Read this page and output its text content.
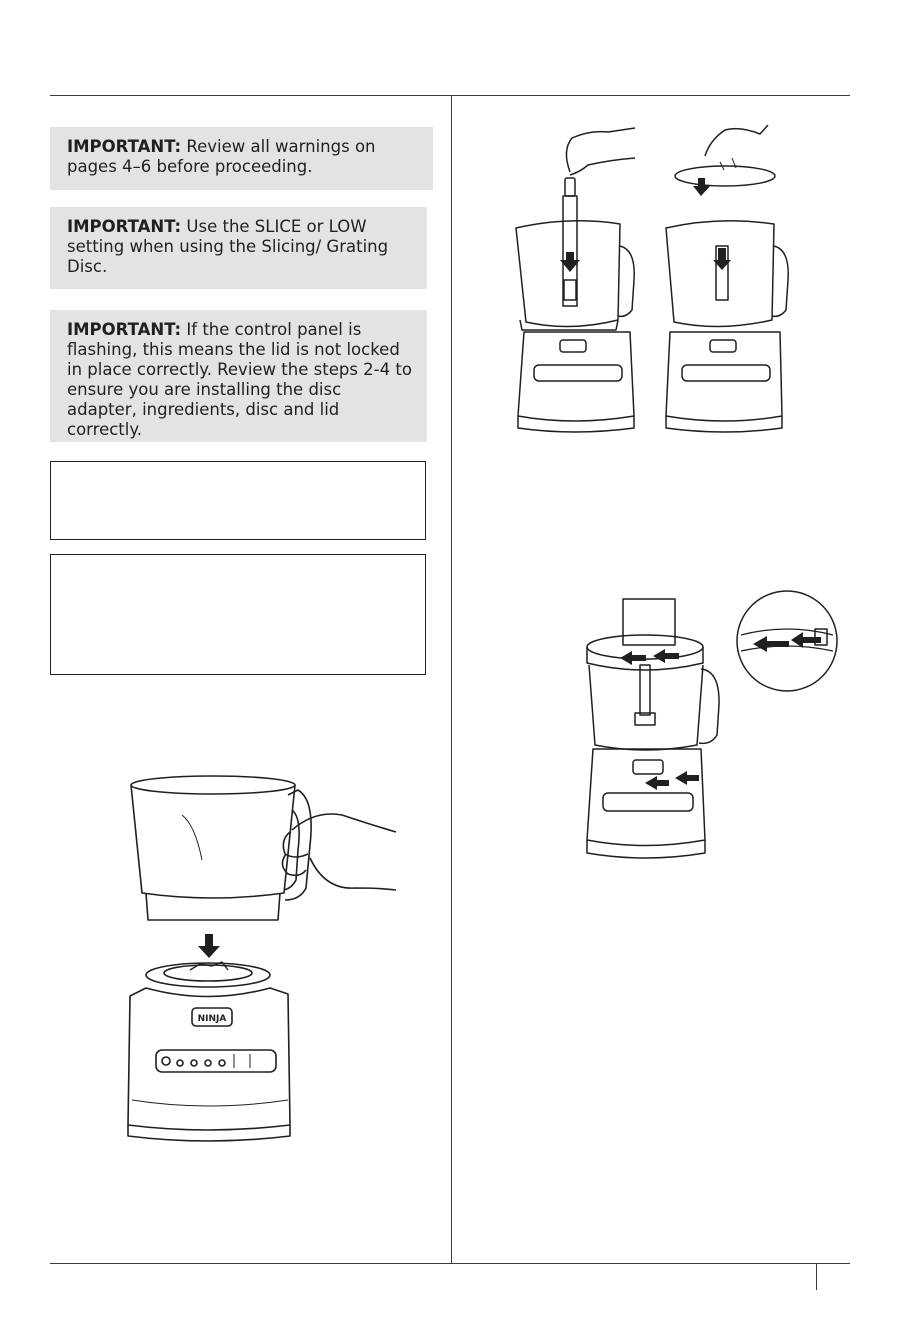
IMPORTANT: Review all warnings on pages 4–6 before proceeding.
IMPORTANT: Use the SLICE or LOW setting when using the Slicing/ Grating Disc.
IMPORTANT: If the control panel is flashing, this means the lid is not locked in place correctly. Review the steps 2-4 to ensure you are installing the disc adapter, ingredients, disc and lid correctly.
NINJA
